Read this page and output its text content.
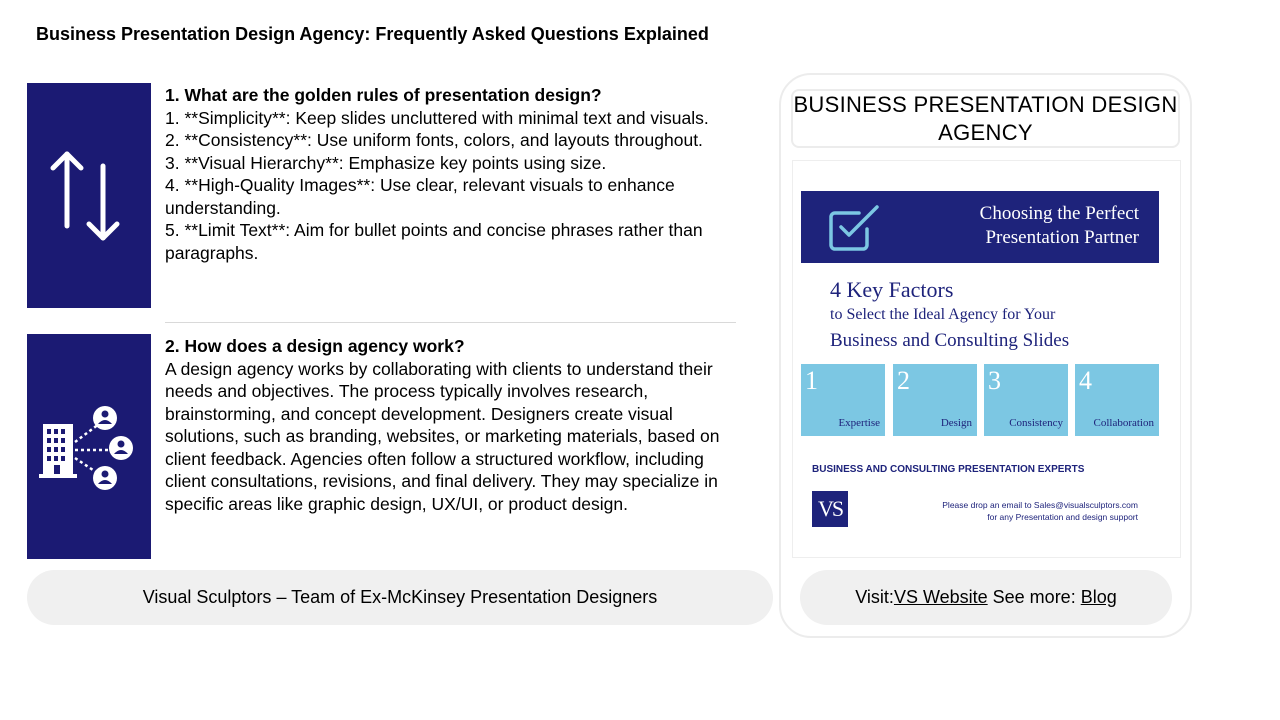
Business Presentation Design Agency: Frequently Asked Questions Explained
1. What are the golden rules of presentation design?
1. **Simplicity**: Keep slides uncluttered with minimal text and visuals.
2. **Consistency**: Use uniform fonts, colors, and layouts throughout.
3. **Visual Hierarchy**: Emphasize key points using size.
4. **High-Quality Images**: Use clear, relevant visuals to enhance understanding.
5. **Limit Text**: Aim for bullet points and concise phrases rather than paragraphs.
2. How does a design agency work?
A design agency works by collaborating with clients to understand their needs and objectives. The process typically involves research, brainstorming, and concept development. Designers create visual solutions, such as branding, websites, or marketing materials, based on client feedback. Agencies often follow a structured workflow, including client consultations, revisions, and final delivery. They may specialize in specific areas like graphic design, UX/UI, or product design.
Visual Sculptors – Team of Ex-McKinsey Presentation Designers
BUSINESS PRESENTATION DESIGN AGENCY
Choosing the Perfect
Presentation Partner
4 Key Factors
to Select the Ideal Agency for Your
Business and Consulting Slides
1
Expertise
2
Design
3
Consistency
4
Collaboration
BUSINESS AND CONSULTING PRESENTATION EXPERTS
VS	Please drop an email to Sales@visualsculptors.com
for any Presentation and design support
Visit: VS Website See more: Blog
